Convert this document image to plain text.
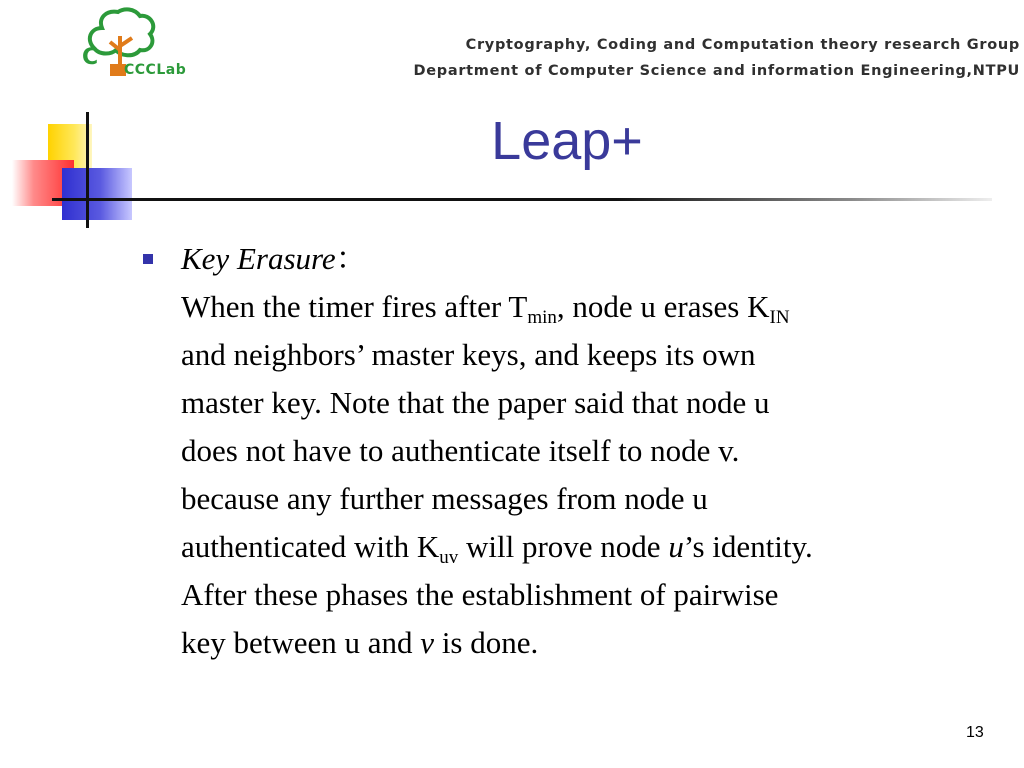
C CCCLab
Cryptography, Coding and Computation theory research Group
Department of Computer Science and information Engineering,NTPU
Leap+
Key Erasure：
When the timer fires after $T_{min}$, node u erases $K_{IN}$
and neighbors’ master keys, and keeps its own
master key. Note that the paper said that node u
does not have to authenticate itself to node v.
because any further messages from node u
authenticated with $K_{uv}$ will prove node u’s identity.
After these phases the establishment of pairwise
key between u and v is done.
13
